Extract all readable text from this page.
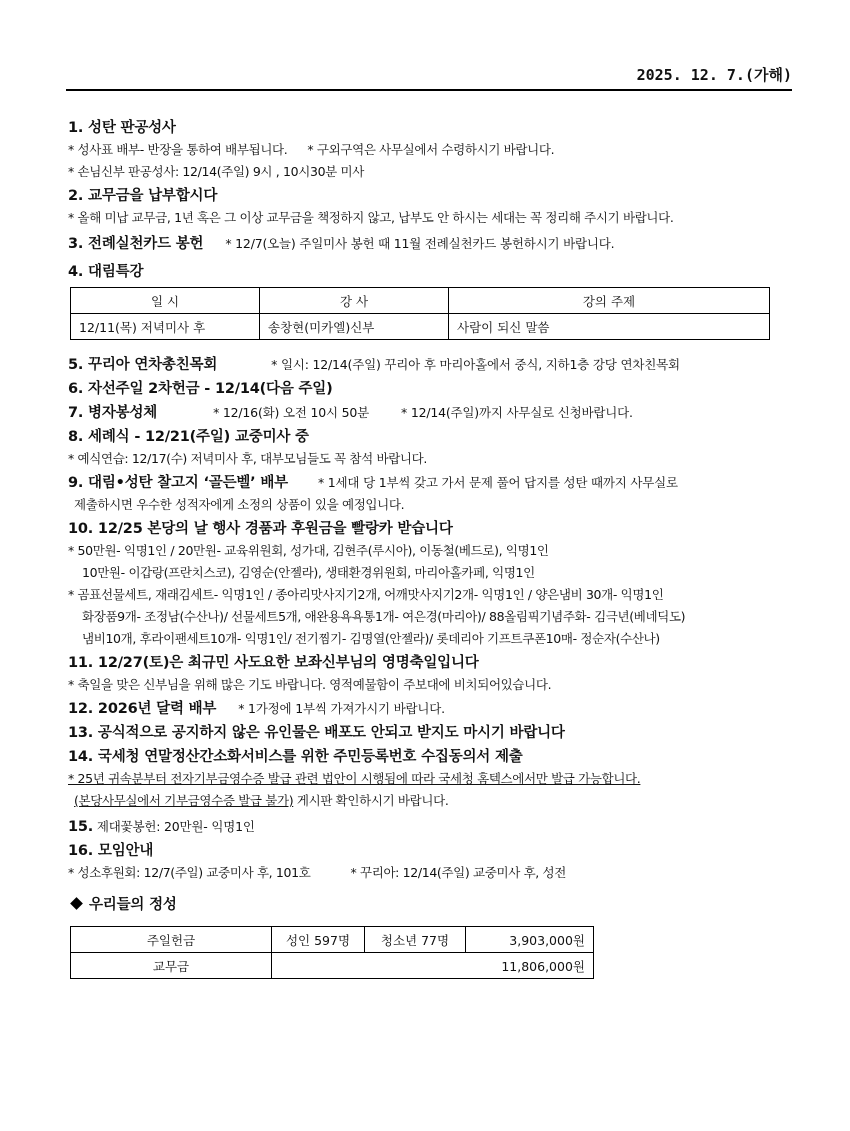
2025. 12. 7.(가해)
1. 성탄 판공성사
* 성사표 배부- 반장을 통하여 배부됩니다. * 구외구역은 사무실에서 수령하시기 바랍니다.
* 손님신부 판공성사: 12/14(주일) 9시 , 10시30분 미사
2. 교무금을 납부합시다
* 올해 미납 교무금, 1년 혹은 그 이상 교무금을 책정하지 않고, 납부도 안 하시는 세대는 꼭 정리해 주시기 바랍니다.
3. 전례실천카드 봉헌 * 12/7(오늘) 주일미사 봉헌 때 11월 전례실천카드 봉헌하시기 바랍니다.
4. 대림특강
일 시	강 사	강의 주제
12/11(목) 저녁미사 후	송창현(미카엘)신부	사람이 되신 말씀
5. 꾸리아 연차총친목회	* 일시: 12/14(주일) 꾸리아 후 마리아홀에서 중식, 지하1층 강당 연차친목회
6. 자선주일 2차헌금 - 12/14(다음 주일)
7. 병자봉성체	* 12/16(화) 오전 10시 50분	* 12/14(주일)까지 사무실로 신청바랍니다.
8. 세례식 - 12/21(주일) 교중미사 중
* 예식연습: 12/17(수) 저녁미사 후, 대부모님들도 꼭 참석 바랍니다.
9. 대림•성탄 찰고지 ‘골든벨’ 배부 * 1세대 당 1부씩 갖고 가서 문제 풀어 답지를 성탄 때까지 사무실로
제출하시면 우수한 성적자에게 소정의 상품이 있을 예정입니다.
10. 12/25 본당의 날 행사 경품과 후원금을 빨랑카 받습니다
* 50만원- 익명1인 / 20만원- 교육위원회, 성가대, 김현주(루시아), 이동철(베드로), 익명1인
10만원- 이갑랑(프란치스코), 김영순(안젤라), 생태환경위원회, 마리아홀카페, 익명1인
* 곰표선물세트, 재래김세트- 익명1인 / 종아리맛사지기2개, 어깨맛사지기2개- 익명1인 / 양은냄비 30개- 익명1인
화장품9개- 조정남(수산나)/ 선물세트5개, 애완용욕욕통1개- 여은경(마리아)/ 88올림픽기념주화- 김극년(베네딕도)
냄비10개, 후라이팬세트10개- 익명1인/ 전기찜기- 김명열(안젤라)/ 롯데리아 기프트쿠폰10매- 정순자(수산나)
11. 12/27(토)은 최규민 사도요한 보좌신부님의 영명축일입니다
* 축일을 맞은 신부님을 위해 많은 기도 바랍니다. 영적예물함이 주보대에 비치되어있습니다.
12. 2026년 달력 배부 * 1가정에 1부씩 가져가시기 바랍니다.
13. 공식적으로 공지하지 않은 유인물은 배포도 안되고 받지도 마시기 바랍니다
14. 국세청 연말정산간소화서비스를 위한 주민등록번호 수집동의서 제출
* 25년 귀속분부터 전자기부금영수증 발급 관련 법안이 시행됨에 따라 국세청 홈텍스에서만 발급 가능합니다.
(본당사무실에서 기부금영수증 발급 불가) 게시판 확인하시기 바랍니다.
15. 제대꽃봉헌: 20만원- 익명1인
16. 모임안내
* 성소후원회: 12/7(주일) 교중미사 후, 101호	* 꾸리아: 12/14(주일) 교중미사 후, 성전
우리들의 정성
주일헌금	성인 597명	청소년 77명	3,903,000원
교무금	11,806,000원		
